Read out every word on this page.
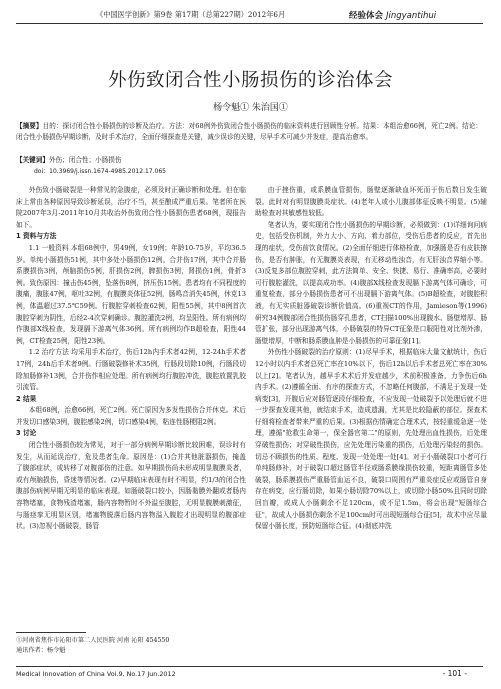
《中国医学创新》第9卷 第17期（总第227期）2012年6月	经验体会 Jingyantihui
外伤致闭合性小肠损伤的诊治体会
杨令魁① 朱治国①
【摘要】目的：探讨闭合性小肠损伤的诊断及治疗。方法：对68例外伤致闭合性小肠损伤的临床资料进行回顾性分析。结果：本组治愈66例，死亡2例。结论：闭合性小肠损伤早期诊断，及时手术治疗，全面仔细探查是关键，减少误诊的关键，尽早手术可减少并发症，提高治愈率。
【关键词】外伤；闭合性；小肠损伤
doi：10.3969/j.issn.1674-4985.2012.17.065

外伤致小肠破裂是一种常见的急腹症，必须及时正确诊断和处理。但在临床上常由各种原因导致诊断延误，治疗不当，甚至酿成严重后果。笔者所在医院2007年3月-2011年10月共收治外伤致闭合性小肠损伤患者68例，现报告如下。

1 资料与方法

1.1 一般资料 本组68例中，男49例，女19例；年龄10-75岁，平均36.5岁。单纯小肠损伤51例，其中多处小肠损伤12例。合并伤17例，其中合并肠系膜损伤3例，颅脑损伤5例，肝损伤2例，脾损伤3例，肾损伤1例，骨折3例。致伤原因：撞击伤45例，坠落伤8例，挤压伤15例。患者均有不同程度的腹痛，腹胀47例，呕吐32例，有腹膜炎体征52例，肠鸣音消失45例，休克13例，体温超过37.5℃59例。行腹腔穿刺检查62例，阳性55例，其中8例首次腹腔穿刺为阴性，后经2-4次穿刺确诊。腹腔灌洗2例，均呈阳性。所有病例均作腹部X线检查，发现膈下游离气体36例。所有病例均作B超检查，阳性44例，CT检查25例，阳性23例。

1.2 治疗方法 均采用手术治疗，伤后12h内手术者42例，12-24h手术者17例，24h后手术者9例。行肠破裂修补术35例，行肠段切除10例，行肠段切除加肠修补13例，合并伤作相应处理。所有病例均行腹腔冲洗，腹腔放置乳胶引流管。

2 结果

本组68例，治愈66例，死亡2例。死亡原因为多发性损伤合并休克。术后并发切口感染3例，腹腔感染2例，切口感染4例，粘连性肠梗阻2例。

3 讨论

闭合性小肠损伤较为常见，对于一部分病例早期诊断比较困难，误诊时有发生，从而延误治疗，危及患者生命。原因是：(1)合并其他脏器损伤，掩盖了腹部症状，或转移了对腹部伤的注意。如早期损伤尚未形成明显腹膜炎者，或有颅脑损伤，昏迷等情况者。(2)早期临床表现有时不明显，约1/3的闭合性腹部伤病例早期无明显的临床表现。如肠破裂口较小，因肠黏膜外翻或者肠内容物堵塞，食物残渣堵塞，肠内容物暂时不外溢至腹腔，无明显腹膜刺激征，与肠痉挛无明显区别，堵塞物脱落后肠内容物溢入腹腔才出现明显的腹部症状。(3)忽视小肠破裂，肠管

①河南省焦作市沁阳市第二人民医院 河南 沁阳 454550
通讯作者：杨令魁

由于挫伤重，或系膜血管损伤，肠壁逐渐缺血坏死而于伤后数日发生破裂。此时对有明显腹膜炎症状。(4)老年人或小儿腹部体征反映不明显。(5)辅助检查对其敏感性较低。

笔者认为，要实现闭合性小肠损伤的早期诊断，必须做到：(1)详细询问病史，包括受伤机制，外力大小、方向、着力部位，受伤后患者的反应，首先出现的症状，受伤前饮食情况。(2)全面仔细进行体格检查，加强肠是否有皮肤擦伤，是否有肿胀，有无腹膜炎表现，有无移动性浊音，有无肝浊音界缩小等。(3)反复多部位腹腔穿刺，此方法简单、安全、快捷、易行、准确率高，必要时可行腹腔灌洗，以提高成功率。(4)腹部X线检查发现膈下游离气体可确诊，可重复检查，部分小肠损伤患者可不出现膈下游离气体。(5)B超检查，对腹腔积液，有无实质脏器破裂诊断价值高。(6)重视CT的作用，Jamieson等(1996)研究34例腹部闭合性损伤肠穿孔患者，CT扫描100%出现腹水、肠壁增厚、肠管扩张，部分出现游离气体，小肠破裂的特异CT征象是口服阳性对比剂外渗，肠壁增厚，中断和肠系膜血肿是小肠损伤的可靠征象[1]。

外伤性小肠破裂的治疗原则：(1)尽早手术，根据临床大量文献统计，伤后12小时以内手术者总死亡率在10%以下，伤后12h以后手术者总死亡率在30%以上[2]。笔者认为，越早手术术后并发症越少，术前积极准备，力争伤后6h内手术。(2)遵循全面、有序的探查方式，不忽略任何腹部，不满足于发现一处病变[3]，开腹后应对肠管逐段仔细检查，不应发现一处破裂予以处理后就不进一步探查发现其他，就结束手术，造成遗漏，尤其是比较隐蔽的部位。探查术仔细将检查者带来严重的后果。(3)根据伤情确定合理术式，按轻重缓急逐一处理，遵循"抢救生命第一，保全器官第二"的原则，先处理出血性损伤，后处理穿破性损伤；对穿破性损伤，应先处理污染重的损伤，后处理污染轻的损伤。切忌不顾损伤的性质、程度、发现一处处理一处[4]。对于小肠破裂口小者可行单纯肠修补，对于破裂口超过肠管半径或肠系膜缘损伤较重，短距离肠管多处破裂，肠系膜损伤严重肠管血运不良，破裂口周围有严重炎症反应或肠管自身存在病变，应行肠切除，如果小肠切除70%以上，或切除小肠50%且同时切除回盲瓣，或成人小肠剩余不足120cm，或不足1.5m，将会出现"短肠综合征"，故成人小肠损伤剩余不足100cm时可出现短肠综合征[5]，故术中应尽量保留小肠长度，预防短肠综合征。(4)彻底冲洗

Medical Innovation of China Vol.9, No.17 Jun.2012	- 101 -
